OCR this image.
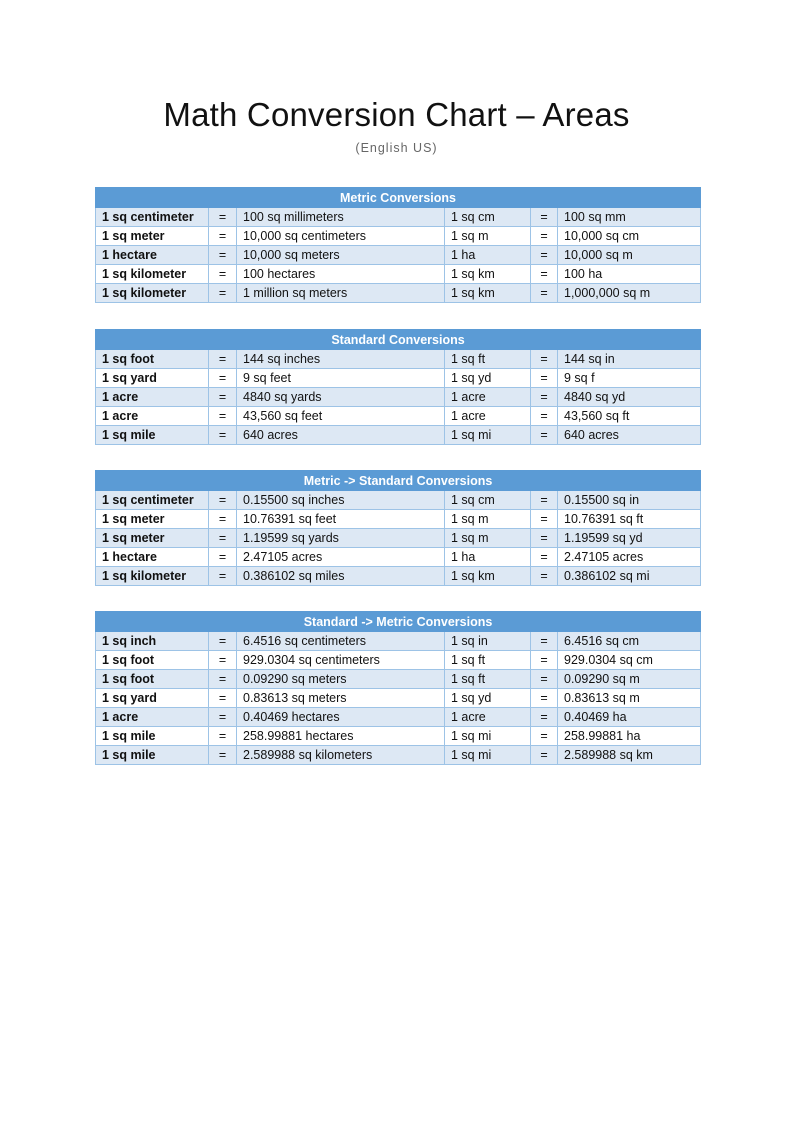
Math Conversion Chart – Areas
(English US)
Metric Conversions					
1 sq centimeter	=	100 sq millimeters	1 sq cm	=	100 sq mm
1 sq meter	=	10,000 sq centimeters	1 sq m	=	10,000 sq cm
1 hectare	=	10,000 sq meters	1 ha	=	10,000 sq m
1 sq kilometer	=	100 hectares	1 sq km	=	100 ha
1 sq kilometer	=	1 million sq meters	1 sq km	=	1,000,000 sq m
Standard Conversions					
1 sq foot	=	144 sq inches	1 sq ft	=	144 sq in
1 sq yard	=	9 sq feet	1 sq yd	=	9 sq f
1 acre	=	4840 sq yards	1 acre	=	4840 sq yd
1 acre	=	43,560 sq feet	1 acre	=	43,560 sq ft
1 sq mile	=	640 acres	1 sq mi	=	640 acres
Metric -> Standard Conversions					
1 sq centimeter	=	0.15500 sq inches	1 sq cm	=	0.15500 sq in
1 sq meter	=	10.76391 sq feet	1 sq m	=	10.76391 sq ft
1 sq meter	=	1.19599 sq yards	1 sq m	=	1.19599 sq yd
1 hectare	=	2.47105 acres	1 ha	=	2.47105 acres
1 sq kilometer	=	0.386102 sq miles	1 sq km	=	0.386102 sq mi
Standard -> Metric Conversions					
1 sq inch	=	6.4516 sq centimeters	1 sq in	=	6.4516 sq cm
1 sq foot	=	929.0304 sq centimeters	1 sq ft	=	929.0304 sq cm
1 sq foot	=	0.09290 sq meters	1 sq ft	=	0.09290 sq m
1 sq yard	=	0.83613 sq meters	1 sq yd	=	0.83613 sq m
1 acre	=	0.40469 hectares	1 acre	=	0.40469 ha
1 sq mile	=	258.99881 hectares	1 sq mi	=	258.99881 ha
1 sq mile	=	2.589988 sq kilometers	1 sq mi	=	2.589988 sq km
